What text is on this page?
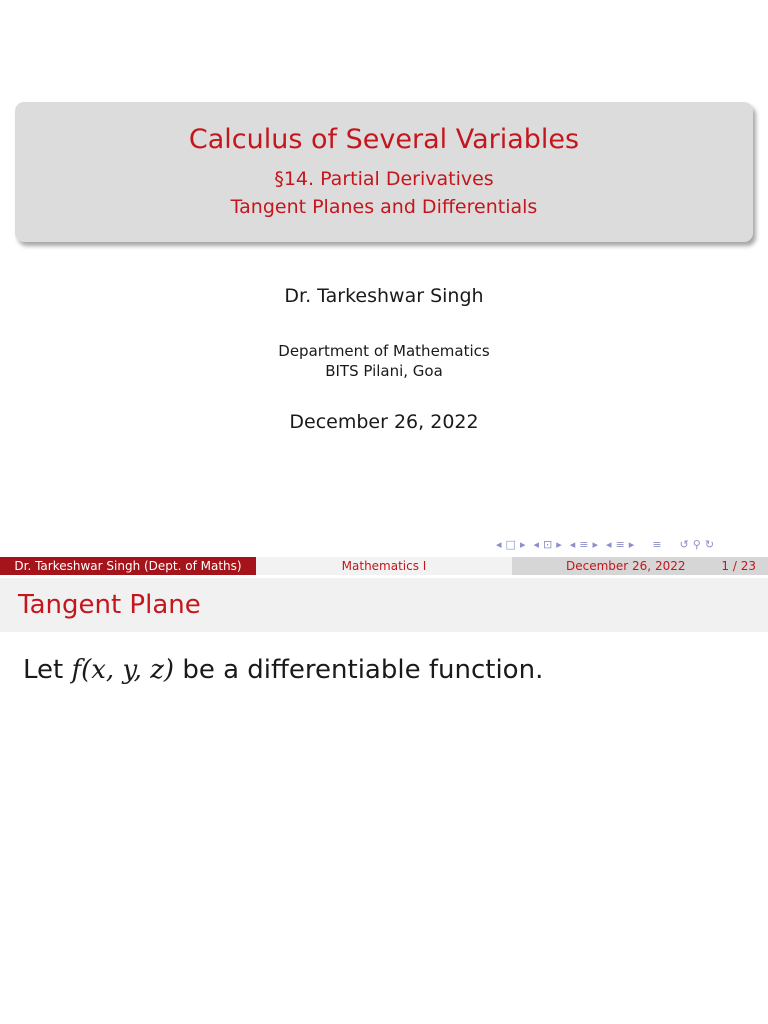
Calculus of Several Variables
§14. Partial Derivatives
Tangent Planes and Differentials
Dr. Tarkeshwar Singh
Department of Mathematics
BITS Pilani, Goa
December 26, 2022
◂ □ ▸ ◂ ⊡ ▸ ◂ ≡ ▸ ◂ ≡ ▸ ≡ ↺ ⚲ ↻
Dr. Tarkeshwar Singh (Dept. of Maths)	Mathematics I	December 26, 2022	1 / 23
Tangent Plane
Let f(x, y, z) be a differentiable function.
